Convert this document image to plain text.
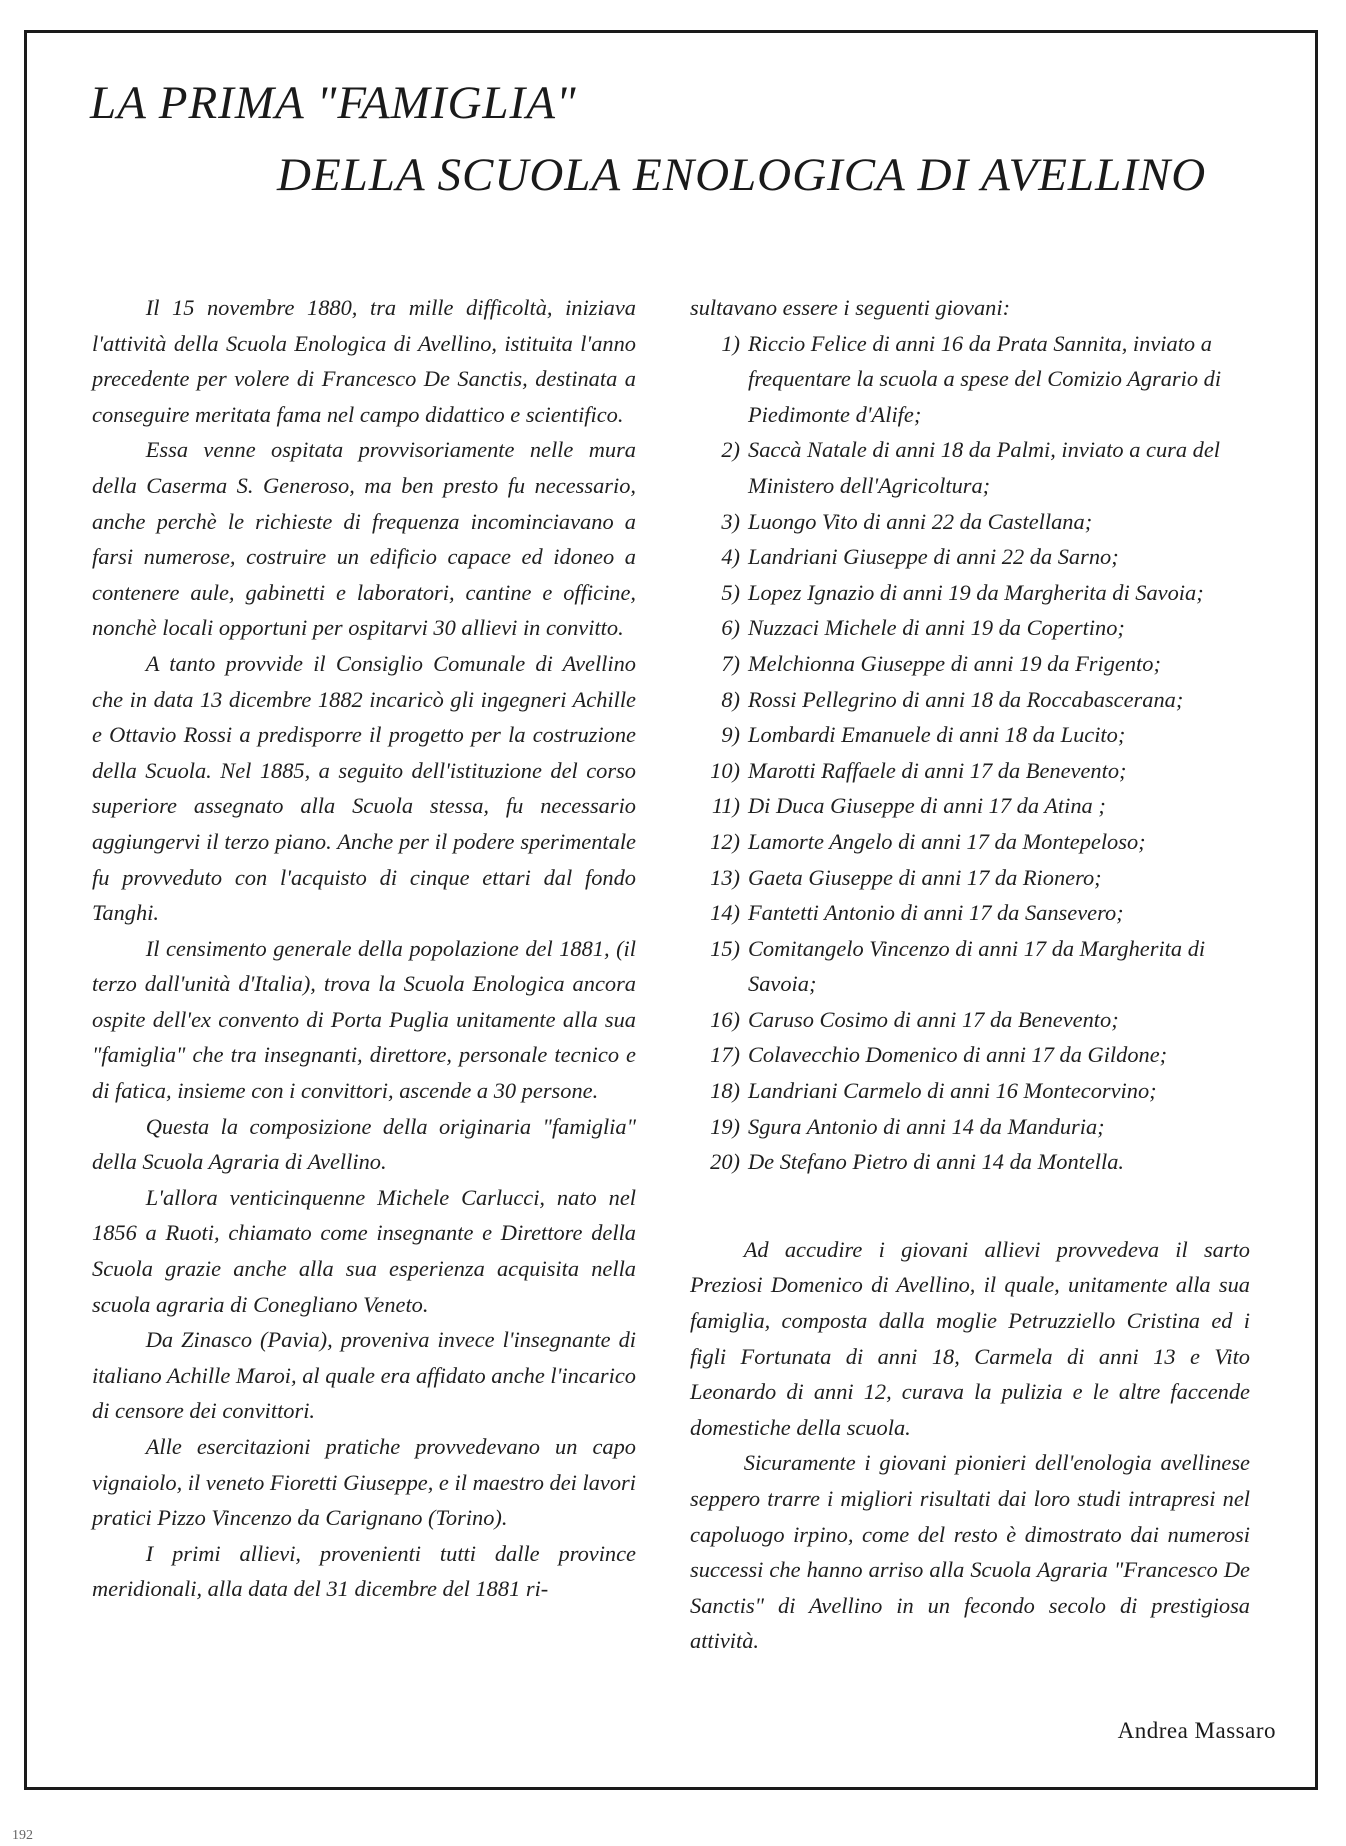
LA PRIMA "FAMIGLIA"
DELLA SCUOLA ENOLOGICA DI AVELLINO

Il 15 novembre 1880, tra mille difficoltà, iniziava l'attività della Scuola Enologica di Avellino, istituita l'anno precedente per volere di Francesco De Sanctis, destinata a conseguire meritata fama nel campo didattico e scientifico.

Essa venne ospitata provvisoriamente nelle mura della Caserma S. Generoso, ma ben presto fu necessario, anche perchè le richieste di frequenza incominciavano a farsi numerose, costruire un edificio capace ed idoneo a contenere aule, gabinetti e laboratori, cantine e officine, nonchè locali opportuni per ospitarvi 30 allievi in convitto.

A tanto provvide il Consiglio Comunale di Avellino che in data 13 dicembre 1882 incaricò gli ingegneri Achille e Ottavio Rossi a predisporre il progetto per la costruzione della Scuola. Nel 1885, a seguito dell'istituzione del corso superiore assegnato alla Scuola stessa, fu necessario aggiungervi il terzo piano. Anche per il podere sperimentale fu provveduto con l'acquisto di cinque ettari dal fondo Tanghi.

Il censimento generale della popolazione del 1881, (il terzo dall'unità d'Italia), trova la Scuola Enologica ancora ospite dell'ex convento di Porta Puglia unitamente alla sua "famiglia" che tra insegnanti, direttore, personale tecnico e di fatica, insieme con i convittori, ascende a 30 persone.

Questa la composizione della originaria "famiglia" della Scuola Agraria di Avellino.

L'allora venticinquenne Michele Carlucci, nato nel 1856 a Ruoti, chiamato come insegnante e Direttore della Scuola grazie anche alla sua esperienza acquisita nella scuola agraria di Conegliano Veneto.

Da Zinasco (Pavia), proveniva invece l'insegnante di italiano Achille Maroi, al quale era affidato anche l'incarico di censore dei convittori.

Alle esercitazioni pratiche provvedevano un capo vignaiolo, il veneto Fioretti Giuseppe, e il maestro dei lavori pratici Pizzo Vincenzo da Carignano (Torino).

I primi allievi, provenienti tutti dalle province meridionali, alla data del 31 dicembre del 1881 ri-

sultavano essere i seguenti giovani:

1) Riccio Felice di anni 16 da Prata Sannita, inviato a frequentare la scuola a spese del Comizio Agrario di Piedimonte d'Alife;
2) Saccà Natale di anni 18 da Palmi, inviato a cura del Ministero dell'Agricoltura;
3) Luongo Vito di anni 22 da Castellana;
4) Landriani Giuseppe di anni 22 da Sarno;
5) Lopez Ignazio di anni 19 da Margherita di Savoia;
6) Nuzzaci Michele di anni 19 da Copertino;
7) Melchionna Giuseppe di anni 19 da Frigento;
8) Rossi Pellegrino di anni 18 da Roccabascerana;
9) Lombardi Emanuele di anni 18 da Lucito;
10) Marotti Raffaele di anni 17 da Benevento;
11) Di Duca Giuseppe di anni 17 da Atina ;
12) Lamorte Angelo di anni 17 da Montepeloso;
13) Gaeta Giuseppe di anni 17 da Rionero;
14) Fantetti Antonio di anni 17 da Sansevero;
15) Comitangelo Vincenzo di anni 17 da Margherita di Savoia;
16) Caruso Cosimo di anni 17 da Benevento;
17) Colavecchio Domenico di anni 17 da Gildone;
18) Landriani Carmelo di anni 16 Montecorvino;
19) Sgura Antonio di anni 14 da Manduria;
20) De Stefano Pietro di anni 14 da Montella.

Ad accudire i giovani allievi provvedeva il sarto Preziosi Domenico di Avellino, il quale, unitamente alla sua famiglia, composta dalla moglie Petruzziello Cristina ed i figli Fortunata di anni 18, Carmela di anni 13 e Vito Leonardo di anni 12, curava la pulizia e le altre faccende domestiche della scuola.

Sicuramente i giovani pionieri dell'enologia avellinese seppero trarre i migliori risultati dai loro studi intrapresi nel capoluogo irpino, come del resto è dimostrato dai numerosi successi che hanno arriso alla Scuola Agraria "Francesco De Sanctis" di Avellino in un fecondo secolo di prestigiosa attività.

Andrea Massaro
192
